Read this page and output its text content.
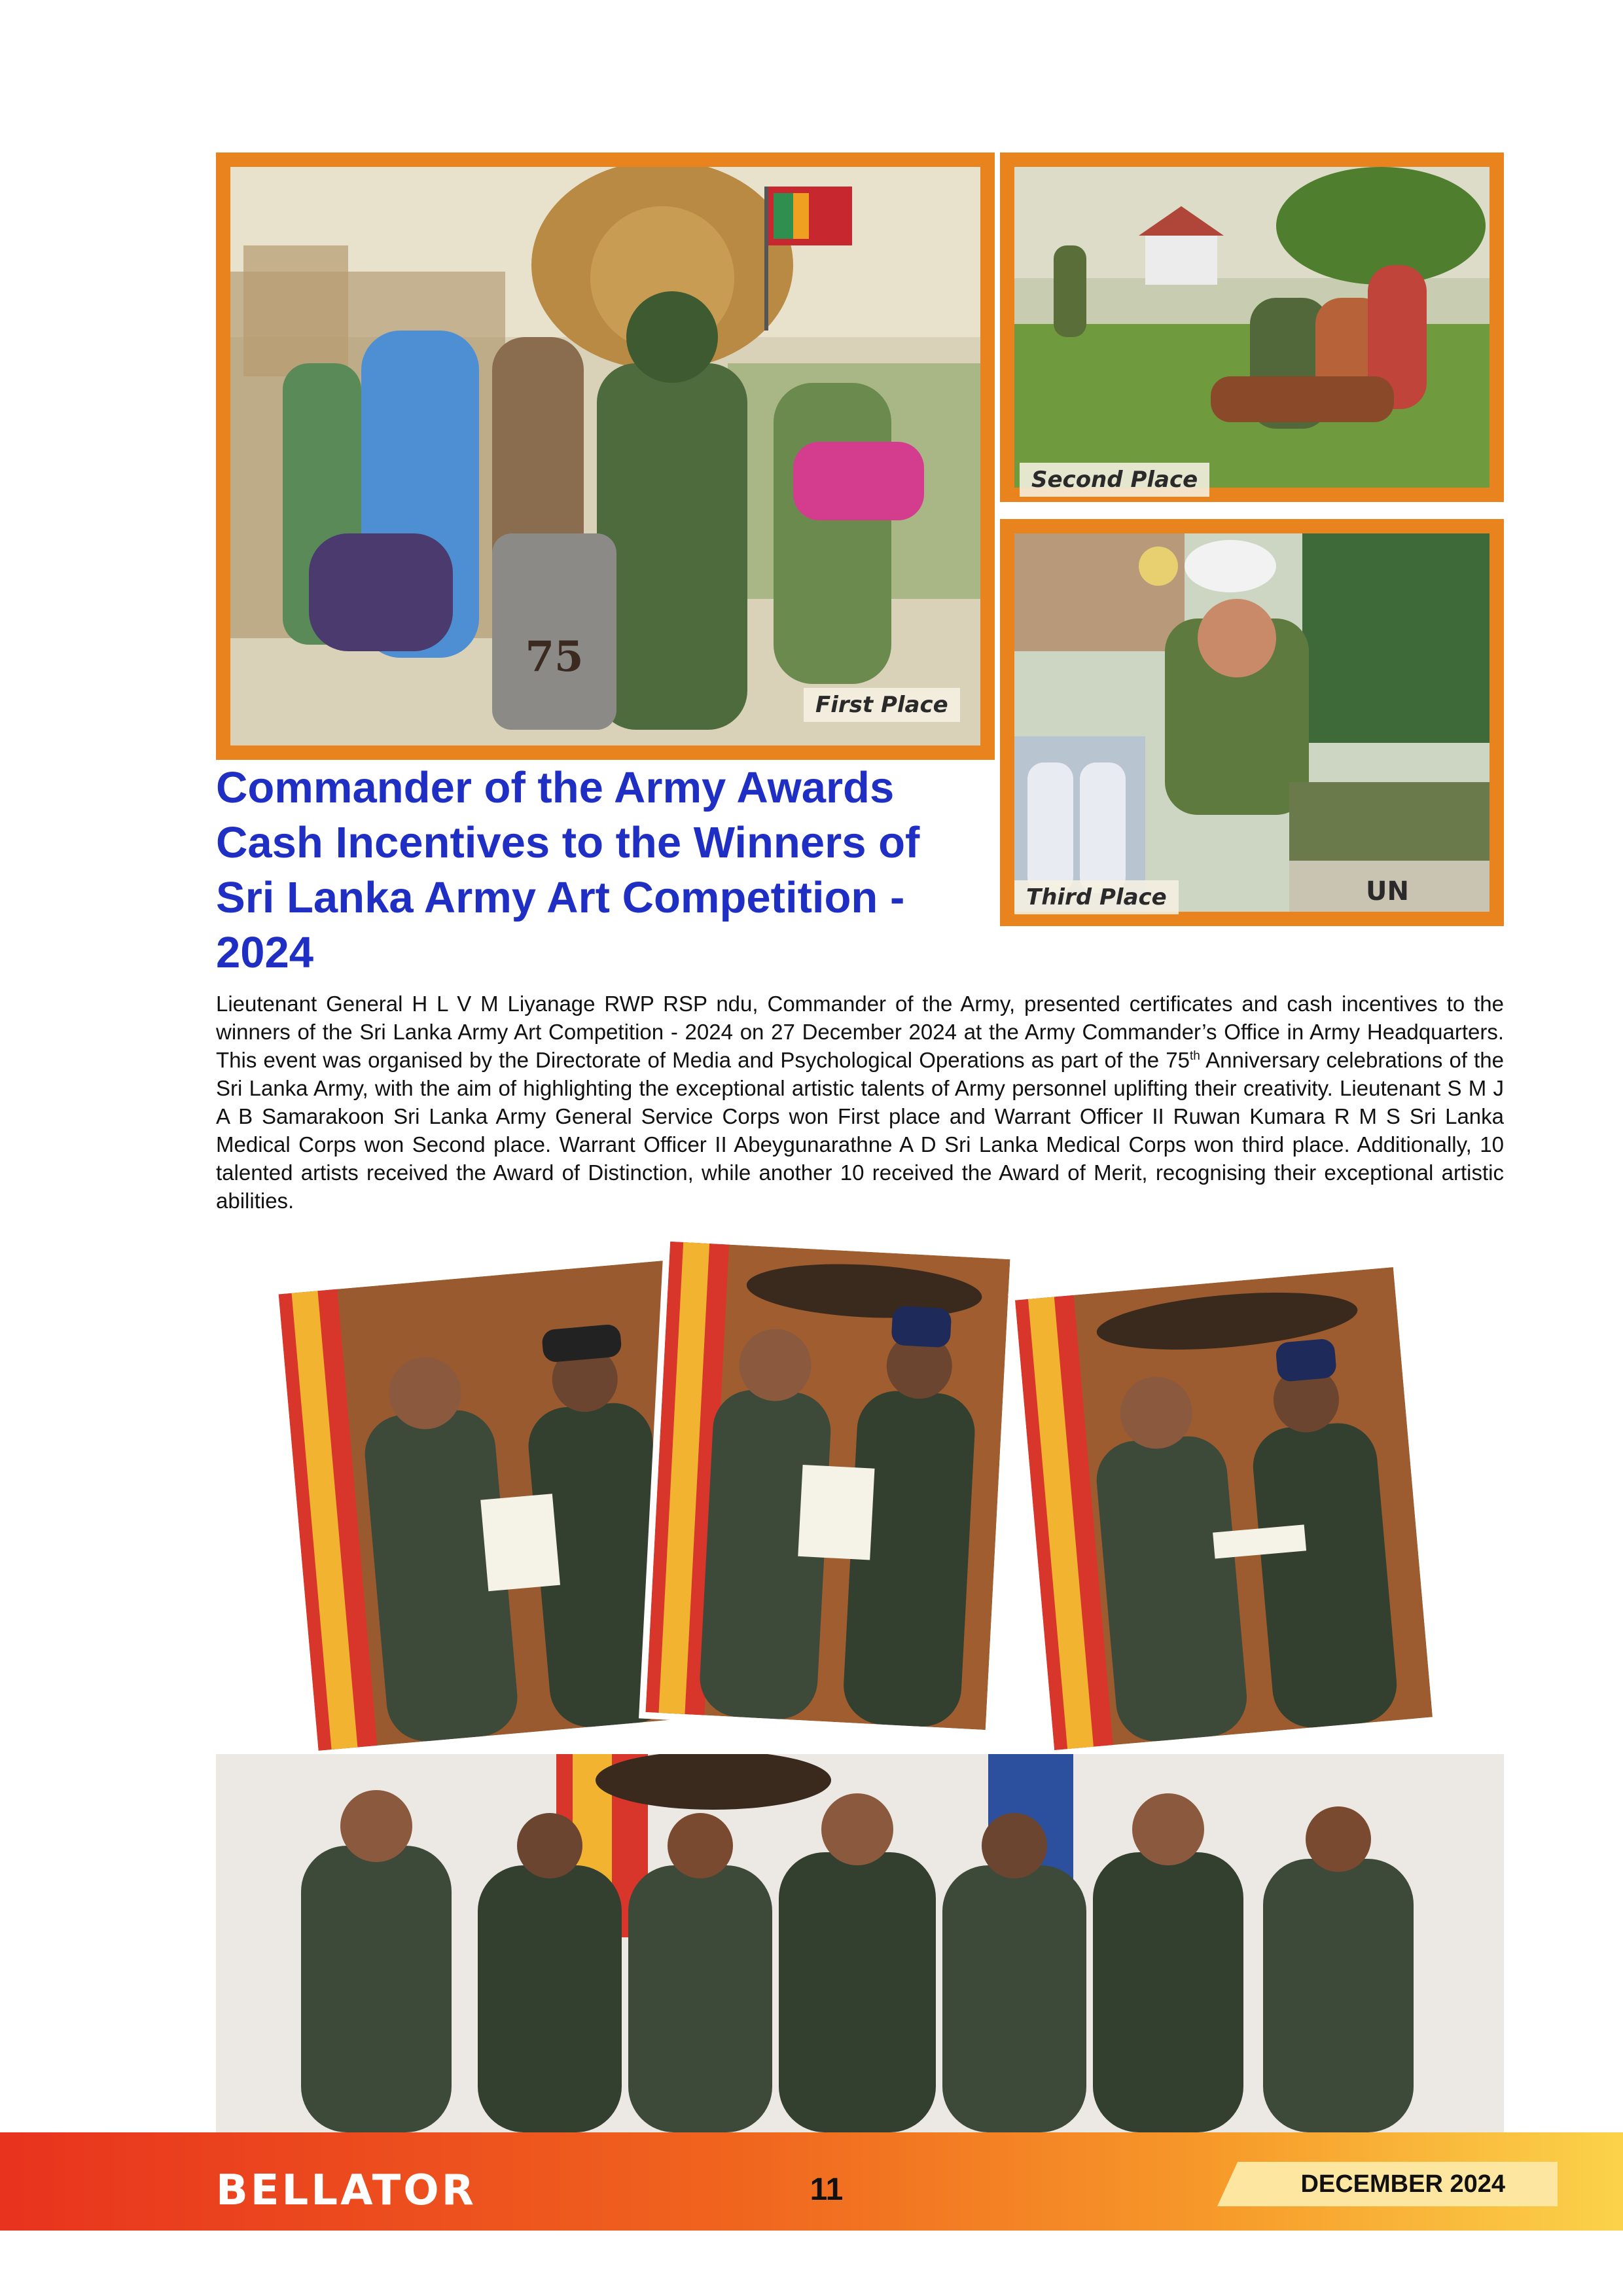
75
First Place
Second Place
UN
Third Place
Commander of the Army Awards Cash Incentives to the Winners of Sri Lanka Army Art Competition - 2024

Lieutenant General H L V M Liyanage RWP RSP ndu, Commander of the Army, presented certificates and cash incentives to the winners of the Sri Lanka Army Art Competition - 2024 on 27 December 2024 at the Army Commander’s Office in Army Headquarters. This event was organised by the Directorate of Media and Psychological Operations as part of the 75th Anniversary celebrations of the Sri Lanka Army, with the aim of highlighting the exceptional artistic talents of Army personnel uplifting their creativity. Lieutenant S M J A B Samarakoon Sri Lanka Army General Service Corps won First place and Warrant Officer II Ruwan Kumara R M S Sri Lanka Medical Corps won Second place. Warrant Officer II Abeygunarathne A D Sri Lanka Medical Corps won third place. Additionally, 10 talented artists received the Award of Distinction, while another 10 received the Award of Merit, recognising their exceptional artistic abilities.

BELLATOR	11	DECEMBER 2024
